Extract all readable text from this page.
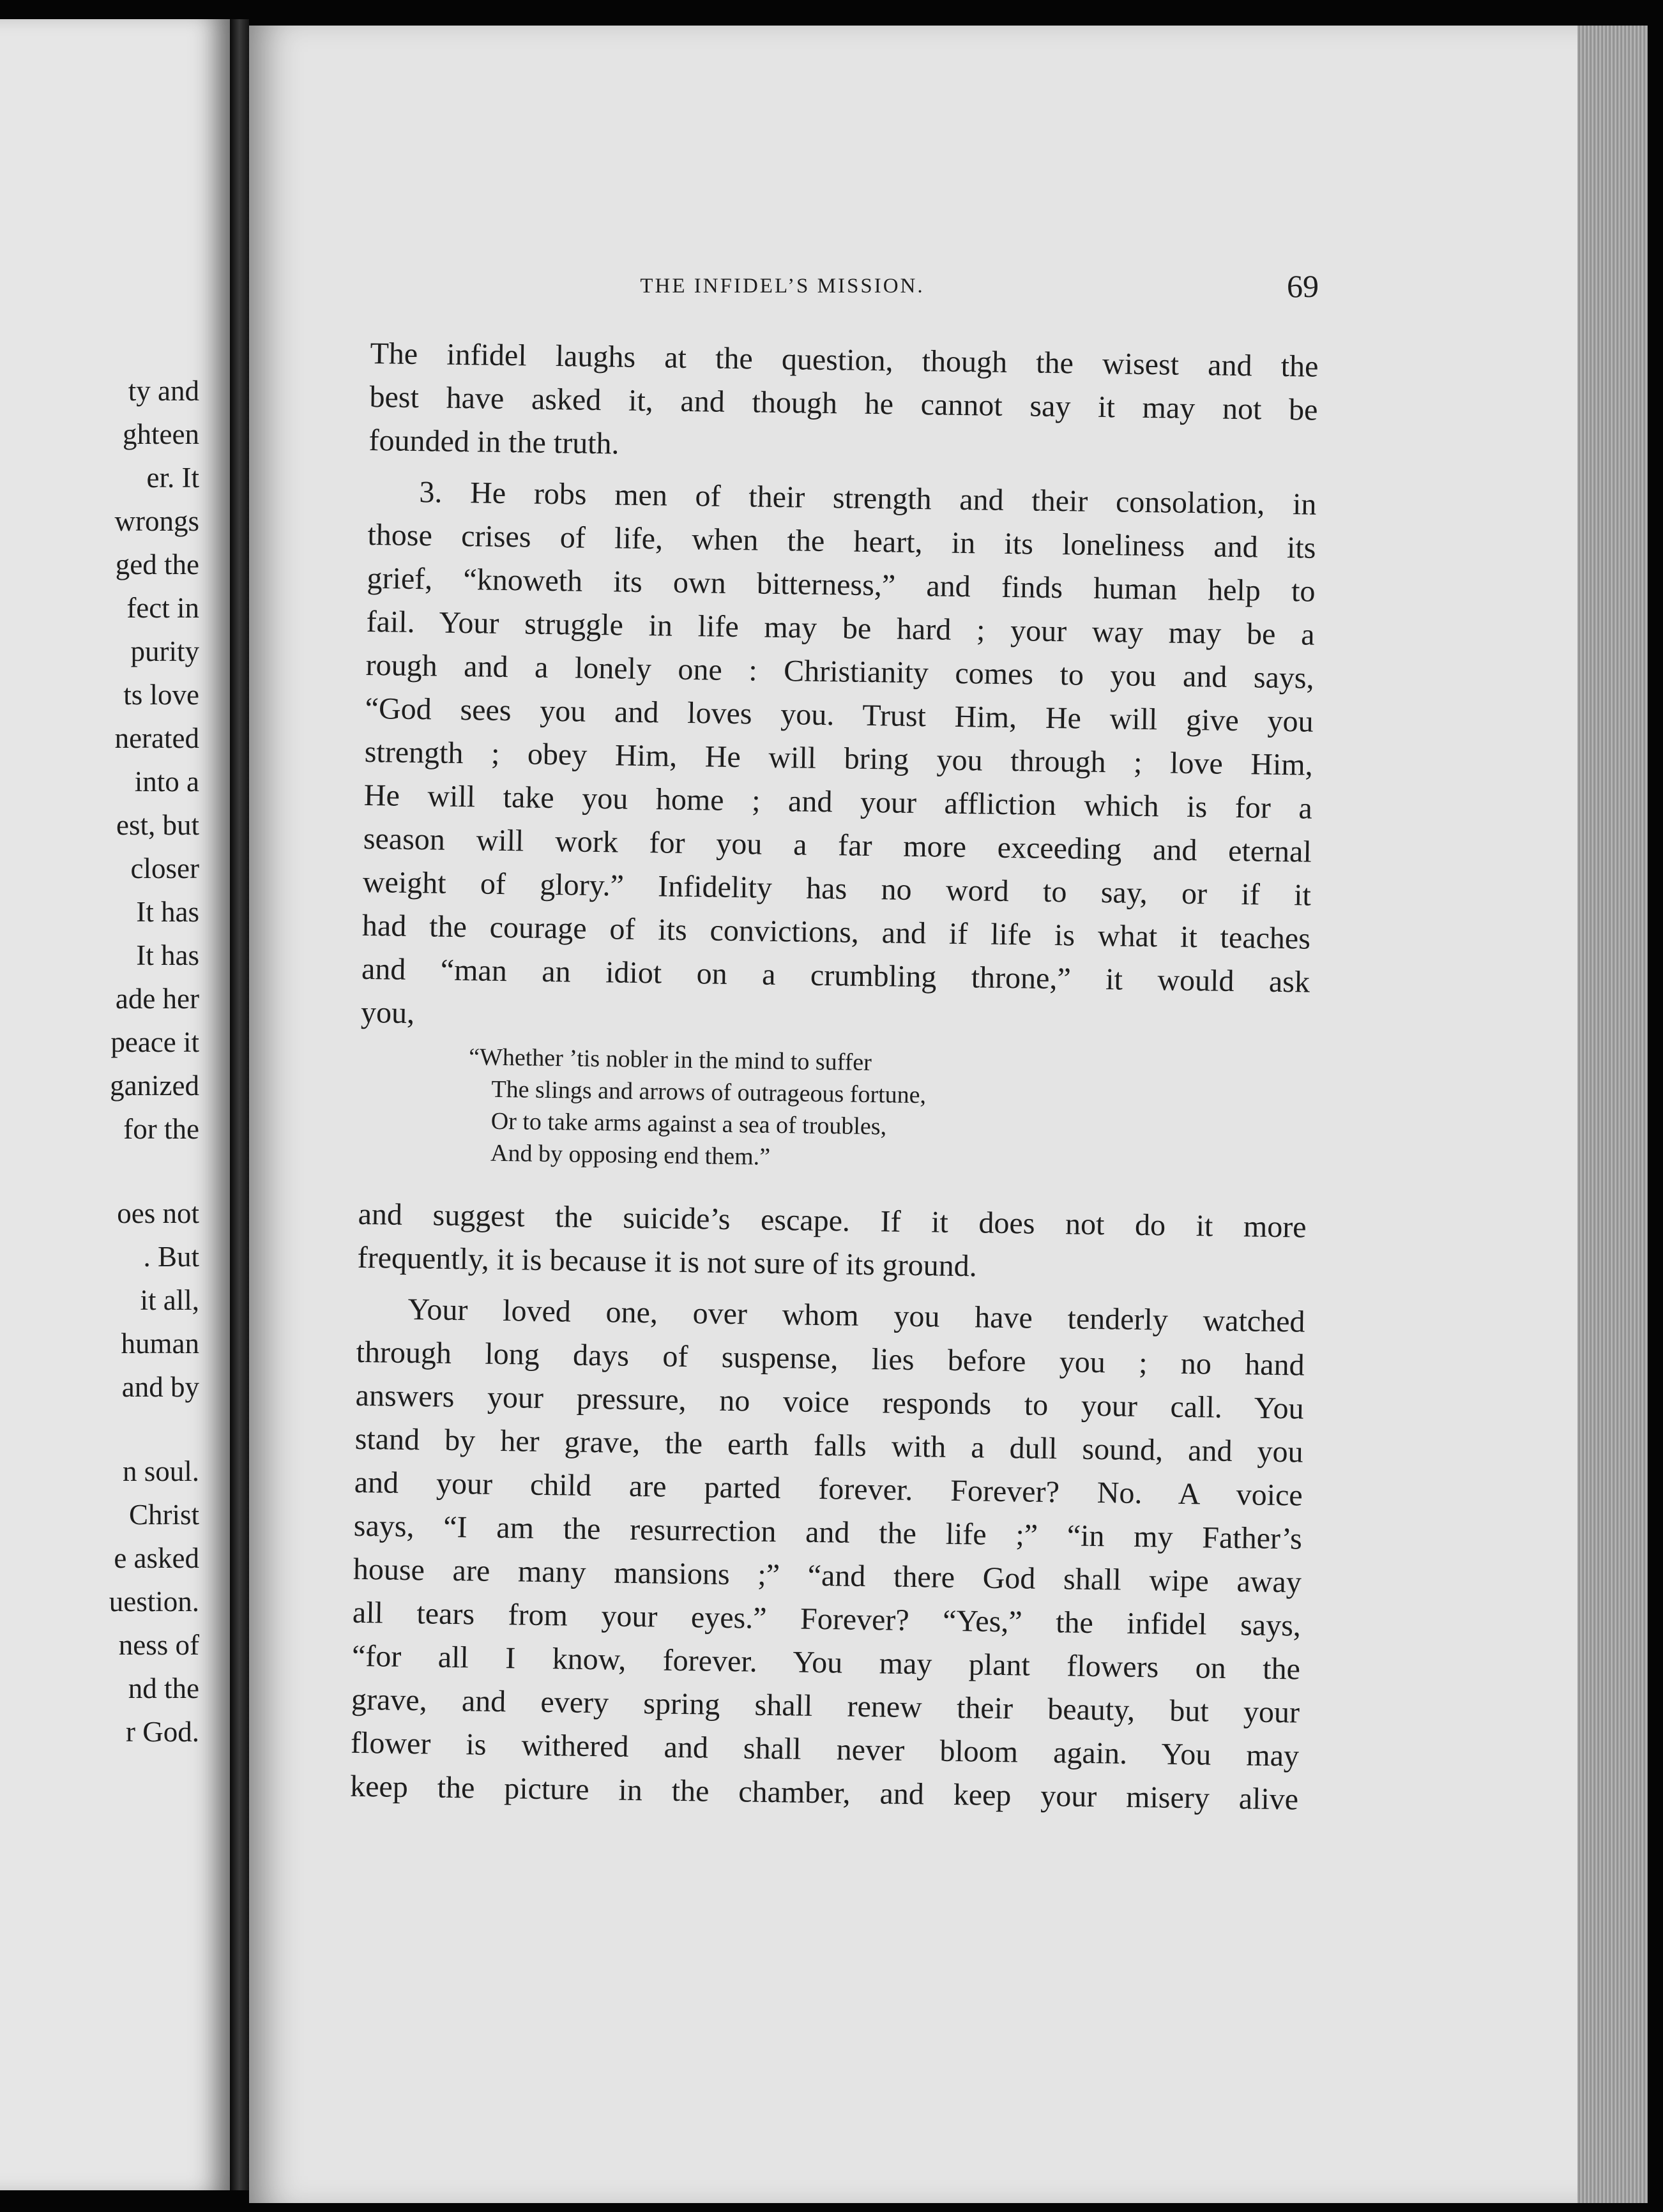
ty and
ghteen
er. It
wrongs
ged the
fect in
purity
ts love
nerated
into a
est, but
closer
It has
It has
ade her
peace it
ganized
for the
oes not
. But
it all,
human
and by
n soul.
Christ
e asked
uestion.
ness of
nd the
r God.
THE INFIDEL’S MISSION.	69
The infidel laughs at the question, though the wisest and the
best have asked it, and though he cannot say it may not be
founded in the truth.
3. He robs men of their strength and their consolation, in
those crises of life, when the heart, in its loneliness and its
grief, “knoweth its own bitterness,” and finds human help to
fail. Your struggle in life may be hard ; your way may be a
rough and a lonely one : Christianity comes to you and says,
“God sees you and loves you. Trust Him, He will give you
strength ; obey Him, He will bring you through ; love Him,
He will take you home ; and your affliction which is for a
season will work for you a far more exceeding and eternal
weight of glory.” Infidelity has no word to say, or if it
had the courage of its convictions, and if life is what it teaches
and “man an idiot on a crumbling throne,” it would ask
you,
“Whether ’tis nobler in the mind to suffer
The slings and arrows of outrageous fortune,
Or to take arms against a sea of troubles,
And by opposing end them.”
and suggest the suicide’s escape. If it does not do it more
frequently, it is because it is not sure of its ground.
Your loved one, over whom you have tenderly watched
through long days of suspense, lies before you ; no hand
answers your pressure, no voice responds to your call. You
stand by her grave, the earth falls with a dull sound, and you
and your child are parted forever. Forever? No. A voice
says, “I am the resurrection and the life ;” “in my Father’s
house are many mansions ;” “and there God shall wipe away
all tears from your eyes.” Forever? “Yes,” the infidel says,
“for all I know, forever. You may plant flowers on the
grave, and every spring shall renew their beauty, but your
flower is withered and shall never bloom again. You may
keep the picture in the chamber, and keep your misery alive
